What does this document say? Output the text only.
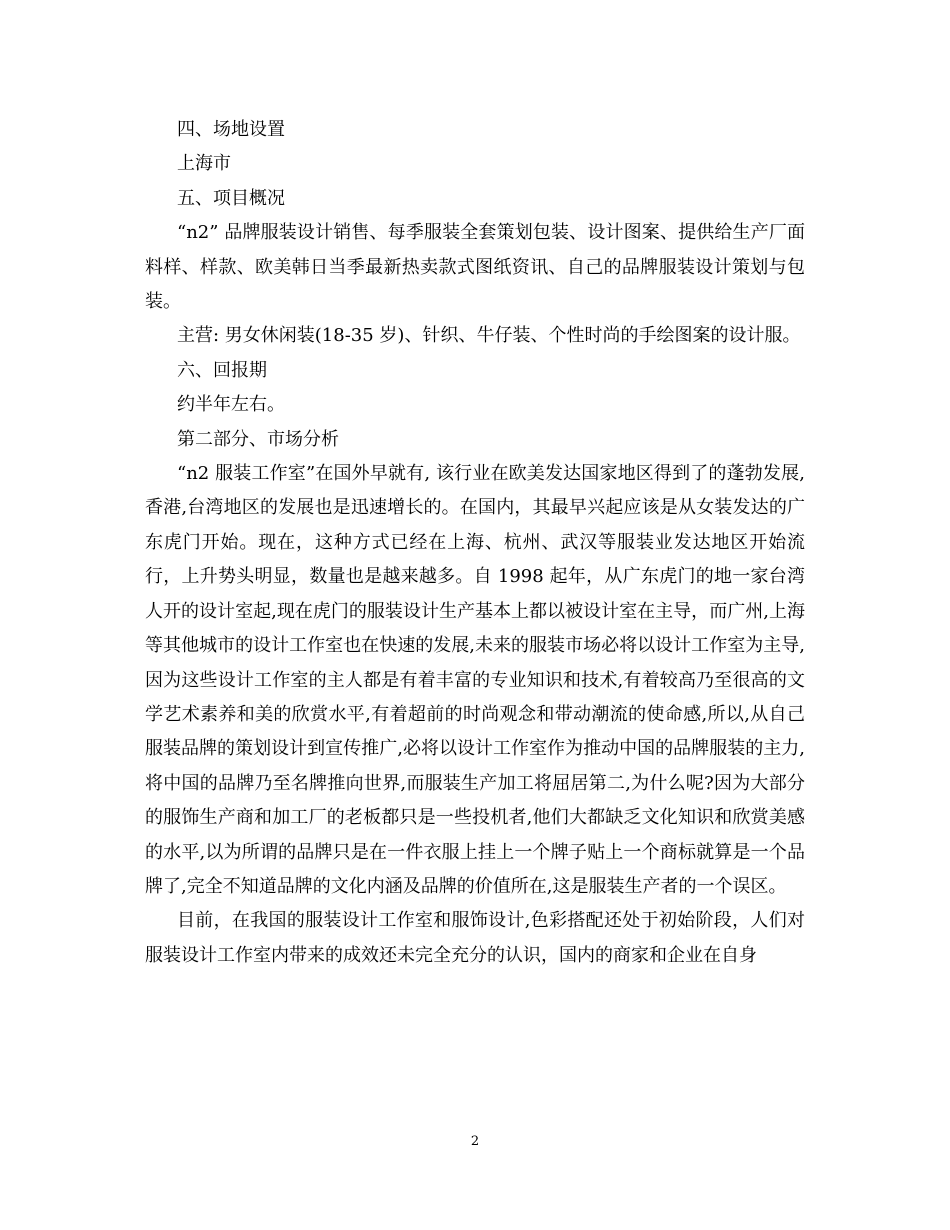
四、场地设置

上海市

五、项目概况

“n2” 品牌服装设计销售、每季服装全套策划包装、设计图案、提供给生产厂面料样、样款、欧美韩日当季最新热卖款式图纸资讯、自己的品牌服装设计策划与包装。

主营: 男女休闲装(18-35 岁)、针织、牛仔装、个性时尚的手绘图案的设计服。

六、回报期

约半年左右。

第二部分、市场分析

“n2 服装工作室”在国外早就有, 该行业在欧美发达国家地区得到了的蓬勃发展,香港,台湾地区的发展也是迅速增长的。在国内，其最早兴起应该是从女装发达的广东虎门开始。现在，这种方式已经在上海、杭州、武汉等服装业发达地区开始流行，上升势头明显，数量也是越来越多。自 1998 起年，从广东虎门的地一家台湾人开的设计室起,现在虎门的服装设计生产基本上都以被设计室在主导，而广州,上海等其他城市的设计工作室也在快速的发展,未来的服装市场必将以设计工作室为主导,因为这些设计工作室的主人都是有着丰富的专业知识和技术,有着较高乃至很高的文学艺术素养和美的欣赏水平,有着超前的时尚观念和带动潮流的使命感,所以,从自己服装品牌的策划设计到宣传推广,必将以设计工作室作为推动中国的品牌服装的主力,将中国的品牌乃至名牌推向世界,而服装生产加工将屈居第二,为什么呢?因为大部分的服饰生产商和加工厂的老板都只是一些投机者,他们大都缺乏文化知识和欣赏美感的水平,以为所谓的品牌只是在一件衣服上挂上一个牌子贴上一个商标就算是一个品牌了,完全不知道品牌的文化内涵及品牌的价值所在,这是服装生产者的一个误区。

目前，在我国的服装设计工作室和服饰设计,色彩搭配还处于初始阶段，人们对服装设计工作室内带来的成效还未完全充分的认识，国内的商家和企业在自身

2
